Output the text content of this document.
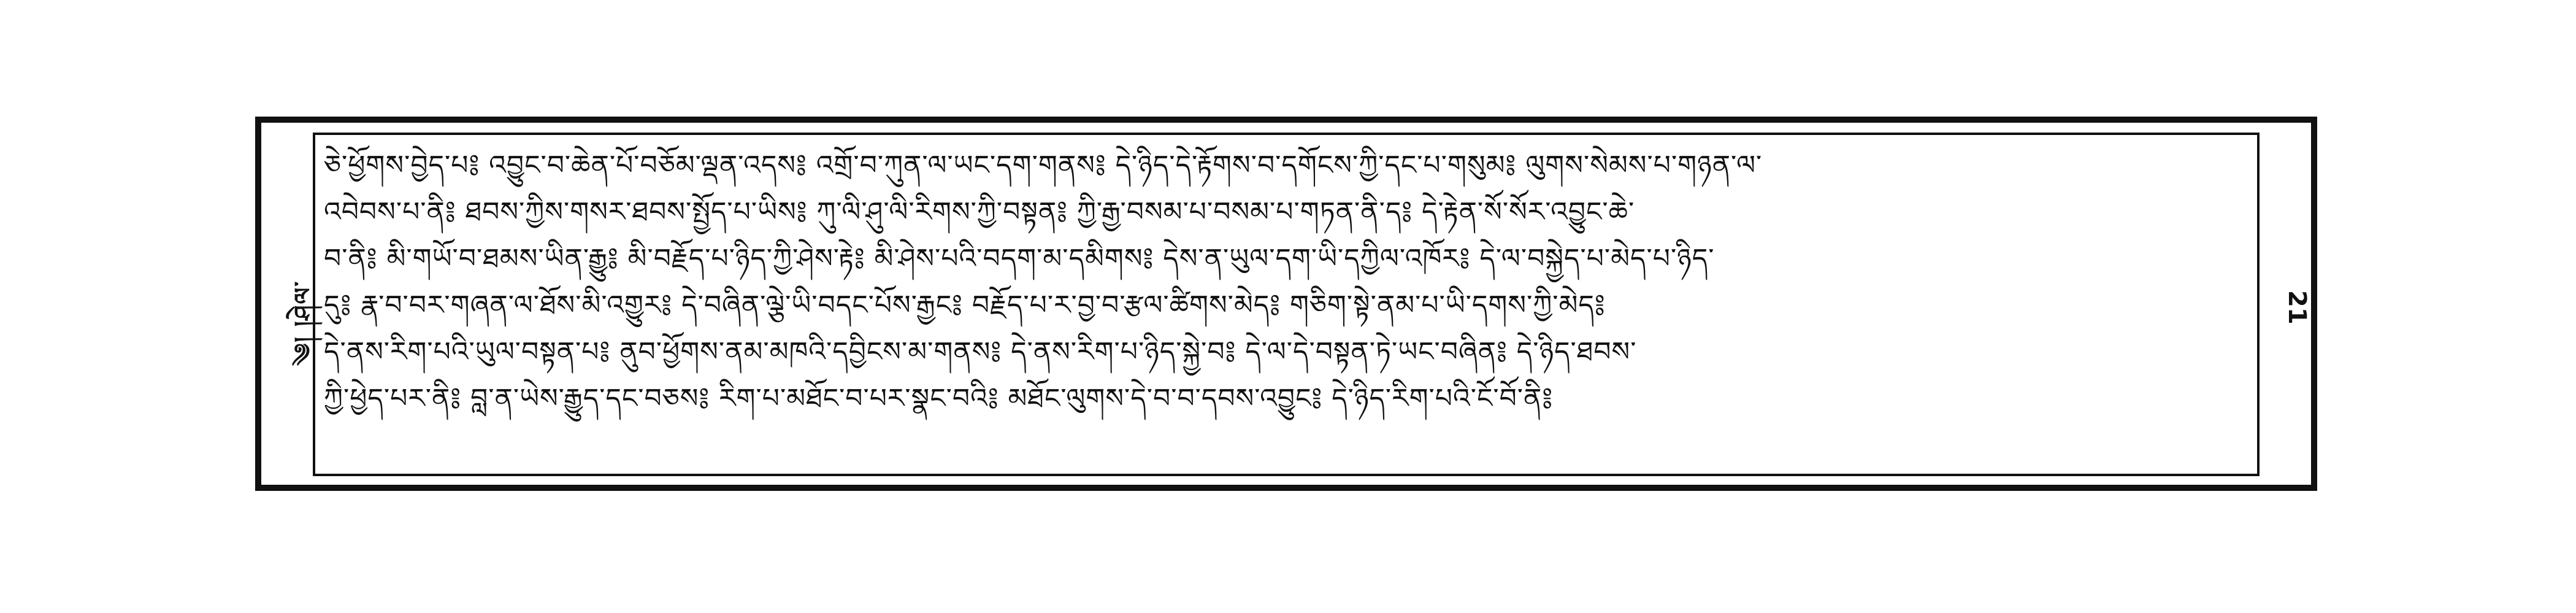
༄། །ཤེལ་
ཅེ་ཕྱོགས་བྱེད་པ༔ འབྱུང་བ་ཆེན་པོ་བཅོམ་ལྡན་འདས༔ འགྲོ་བ་ཀུན་ལ་ཡང་དག་གནས༔ དེ་ཉིད་དེ་རྟོགས་བ་དགོངས་ཀྱི་དང་པ་གསུམ༔ ལུགས་སེམས་པ་གཉན་ལ་
འབེབས་པ་ནི༔ ཐབས་ཀྱིས་གསར་ཐབས་སྤྱོད་པ་ཡིས༔ ཀུ་ལི་ཤུ་ལི་རིགས་ཀྱི་བསྟན༔ ཀྱི་རྒྱ་བསམ་པ་བསམ་པ་གཏན་ནི་ད༔ དེ་རྟེན་སོ་སོར་འབྱུང་ཆེ་
བ་ནི༔ མི་གཡོ་བ་ཐམས་ཡིན་རྒྱུ༔ མི་བརྗོད་པ་ཉིད་ཀྱི་ཤེས་རྟེ༔ མི་ཤེས་པའི་བདག་མ་དམིགས༔ དེས་ན་ཡུལ་དག་ཡི་དཀྱིལ་འཁོར༔ དེ་ལ་བསྐྱེད་པ་མེད་པ་ཉིད་
དུ༔ རྣ་བ་བར་གཞན་ལ་ཐོས་མི་འགྱུར༔ དེ་བཞིན་ལྕེ་ཡི་བདང་པོས་རྒྱང༔ བརྗོད་པ་ར་བྱ་བ་རྩལ་ཚིགས་མེད༔ གཅིག་སྟེ་ནམ་པ་ཡི་དགས་ཀྱི་མེད༔
དེ་ནས་རིག་པའི་ཡུལ་བསྟན་པ༔ ནུབ་ཕྱོགས་ནམ་མཁའི་དབྱིངས་མ་གནས༔ དེ་ནས་རིག་པ་ཉིད་སྐྱེ་བ༔ དེ་ལ་དེ་བསྟན་ཏེ་ཡང་བཞིན༔ དེ་ཉིད་ཐབས་
ཀྱི་ཕྱེད་པར་ནི༔ བླ་ན་ཡེས་རྒྱུད་དང་བཅས༔ རིག་པ་མཐོང་བ་པར་སྣང་བའི༔ མཐོང་ལུགས་དེ་བ་བ་དབས་འབྱུང༔ དེ་ཉིད་རིག་པའི་ངོ་བོ་ནི༔
21
